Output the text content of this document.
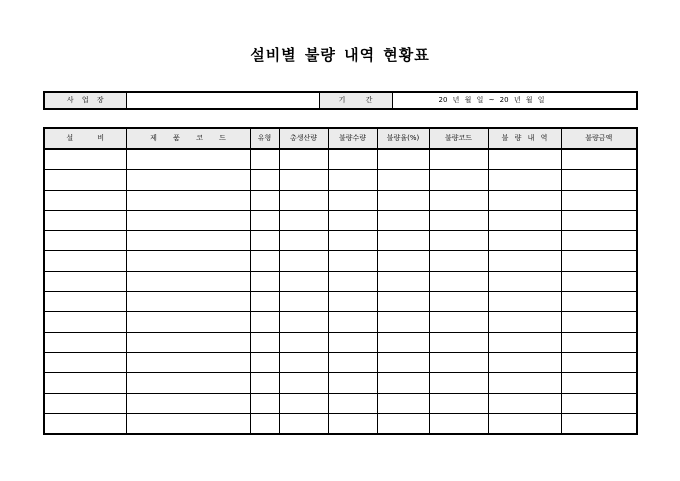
설비별 불량 내역 현황표
사 업 장		기 간	20 년 월 일 ~ 20 년 월 일
설 비	제 품 코 드	유형	총생산량	불량수량	불량율(%)	불량코드	불 량 내 역	불량금액
